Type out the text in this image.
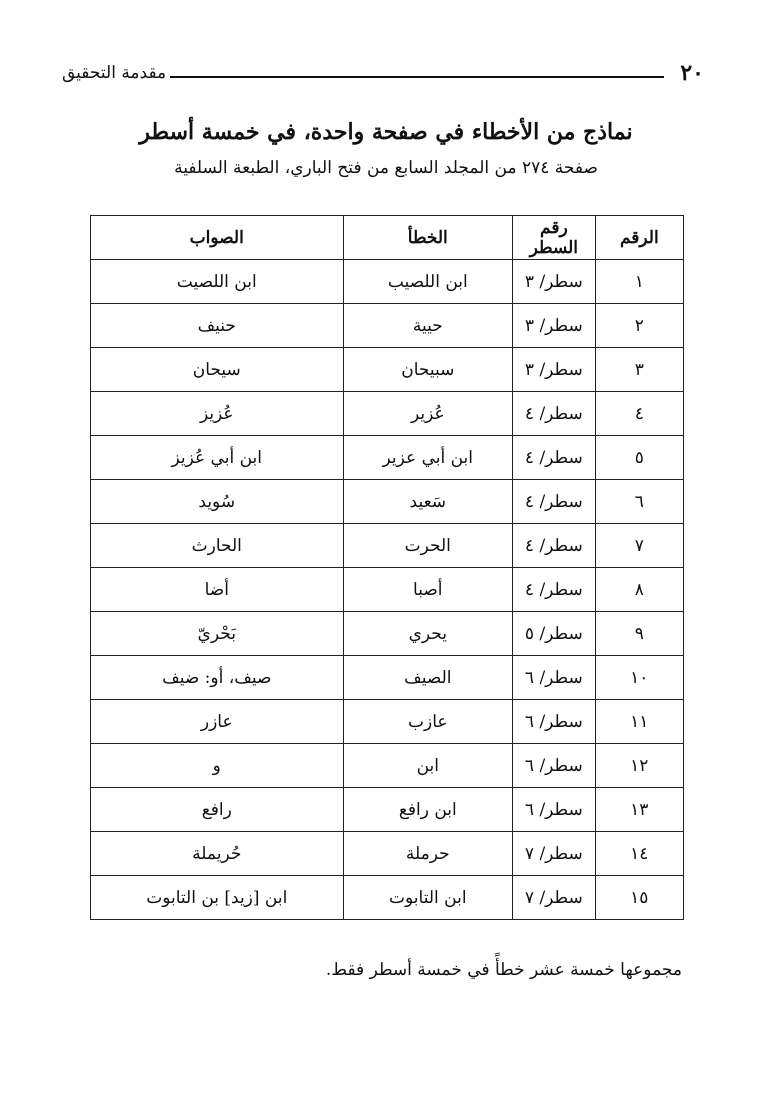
٢٠
مقدمة التحقيق
نماذج من الأخطاء في صفحة واحدة، في خمسة أسطر

صفحة ٢٧٤ من المجلد السابع من فتح الباري، الطبعة السلفية

الرقم	رقم السطر	الخطأ	الصواب
١	سطر/ ٣	ابن اللصيب	ابن اللصيت
٢	سطر/ ٣	حيية	حنيف
٣	سطر/ ٣	سبيحان	سيحان
٤	سطر/ ٤	عُزير	عُزيز
٥	سطر/ ٤	ابن أبي عزير	ابن أبي عُزيز
٦	سطر/ ٤	سَعيد	سُويد
٧	سطر/ ٤	الحرت	الحارث
٨	سطر/ ٤	أصبا	أضا
٩	سطر/ ٥	يحري	بَحْريّ
١٠	سطر/ ٦	الصيف	صيف، أو: ضيف
١١	سطر/ ٦	عازب	عازر
١٢	سطر/ ٦	ابن	و
١٣	سطر/ ٦	ابن رافع	رافع
١٤	سطر/ ٧	حرملة	حُريملة
١٥	سطر/ ٧	ابن التابوت	ابن [زيد] بن التابوت

مجموعها خمسة عشر خطأً في خمسة أسطر فقط.
